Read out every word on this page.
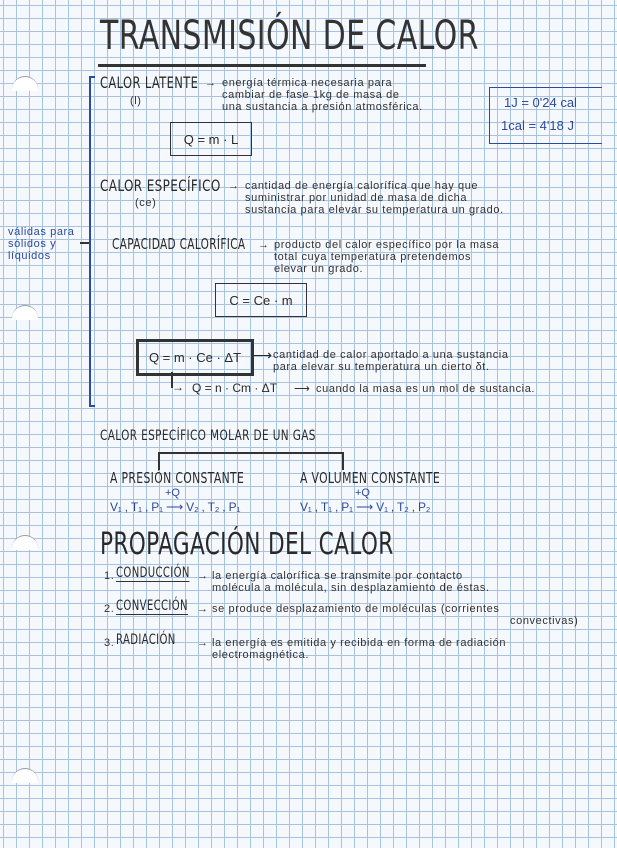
TRANSMISIÓN DE CALOR
CALOR LATENTE
(l)
→ energía térmica necesaria para
cambiar de fase 1kg de masa de
una sustancia a presión atmosférica.
Q = m · L
1J = 0'24 cal
1cal = 4'18 J
CALOR ESPECÍFICO
(ce)
→ cantidad de energía calorífica que hay que
suministrar por unidad de masa de dicha
sustancia para elevar su temperatura un grado.
válidas para
sólidos y
líquidos
CAPACIDAD CALORÍFICA → producto del calor específico por la masa
total cuya temperatura pretendemos
elevar un grado.
C = Ce · m
Q = m · Ce · ΔT ⟶ cantidad de calor aportado a una sustancia
para elevar su temperatura un cierto δt.
→ Q = n · Cm · ΔT ⟶ cuando la masa es un mol de sustancia.
CALOR ESPECÍFICO MOLAR DE UN GAS
A PRESIÓN CONSTANTE	A VOLUMEN CONSTANTE
+Q
V₁ , T₁ , P₁ ⟶ V₂ , T₂ , P₁
+Q
V₁ , T₁ , P₁ ⟶ V₁ , T₂ , P₂
PROPAGACIÓN DEL CALOR
1. CONDUCCIÓN → la energía calorífica se transmite por contacto
molécula a molécula, sin desplazamiento de éstas.
2. CONVECCIÓN → se produce desplazamiento de moléculas (corrientes
convectivas)
3. RADIACIÓN → la energía es emitida y recibida en forma de radiación
electromagnética.
